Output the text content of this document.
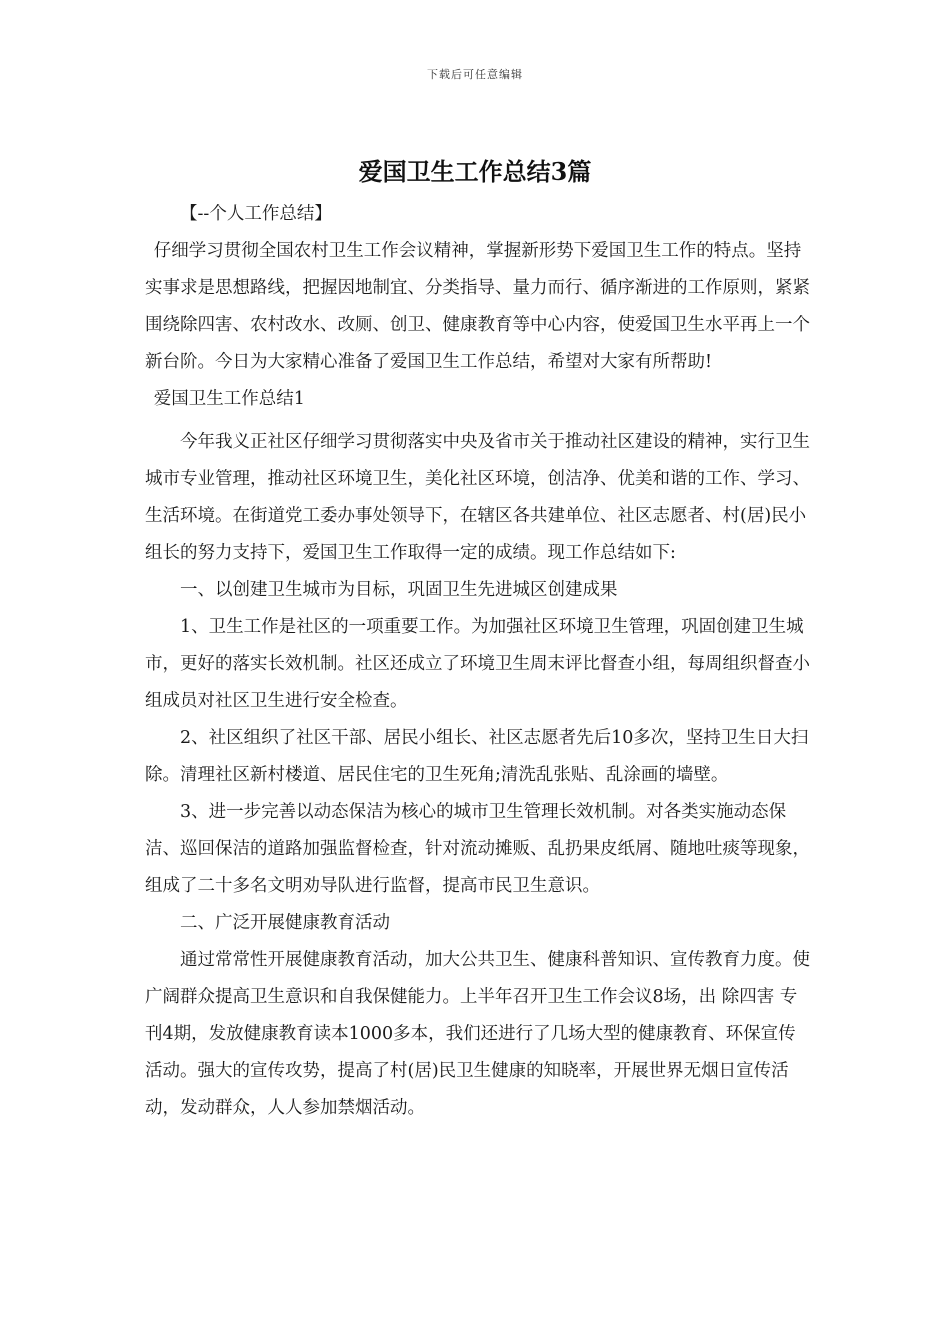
下载后可任意编辑
爱国卫生工作总结3篇

【--个人工作总结】

仔细学习贯彻全国农村卫生工作会议精神，掌握新形势下爱国卫生工作的特点。坚持实事求是思想路线，把握因地制宜、分类指导、量力而行、循序渐进的工作原则，紧紧围绕除四害、农村改水、改厕、创卫、健康教育等中心内容，使爱国卫生水平再上一个新台阶。今日为大家精心准备了爱国卫生工作总结，希望对大家有所帮助!

爱国卫生工作总结1

今年我义正社区仔细学习贯彻落实中央及省市关于推动社区建设的精神，实行卫生城市专业管理，推动社区环境卫生，美化社区环境，创洁净、优美和谐的工作、学习、生活环境。在街道党工委办事处领导下，在辖区各共建单位、社区志愿者、村(居)民小组长的努力支持下，爱国卫生工作取得一定的成绩。现工作总结如下:

一、以创建卫生城市为目标，巩固卫生先进城区创建成果

1、卫生工作是社区的一项重要工作。为加强社区环境卫生管理，巩固创建卫生城市，更好的落实长效机制。社区还成立了环境卫生周末评比督查小组，每周组织督查小组成员对社区卫生进行安全检查。

2、社区组织了社区干部、居民小组长、社区志愿者先后10多次，坚持卫生日大扫除。清理社区新村楼道、居民住宅的卫生死角;清洗乱张贴、乱涂画的墙壁。

3、进一步完善以动态保洁为核心的城市卫生管理长效机制。对各类实施动态保洁、巡回保洁的道路加强监督检查，针对流动摊贩、乱扔果皮纸屑、随地吐痰等现象，组成了二十多名文明劝导队进行监督，提高市民卫生意识。

二、广泛开展健康教育活动

通过常常性开展健康教育活动，加大公共卫生、健康科普知识、宣传教育力度。使广阔群众提高卫生意识和自我保健能力。上半年召开卫生工作会议8场，出 除四害 专刊4期，发放健康教育读本1000多本，我们还进行了几场大型的健康教育、环保宣传活动。强大的宣传攻势，提高了村(居)民卫生健康的知晓率，开展世界无烟日宣传活动，发动群众，人人参加禁烟活动。
